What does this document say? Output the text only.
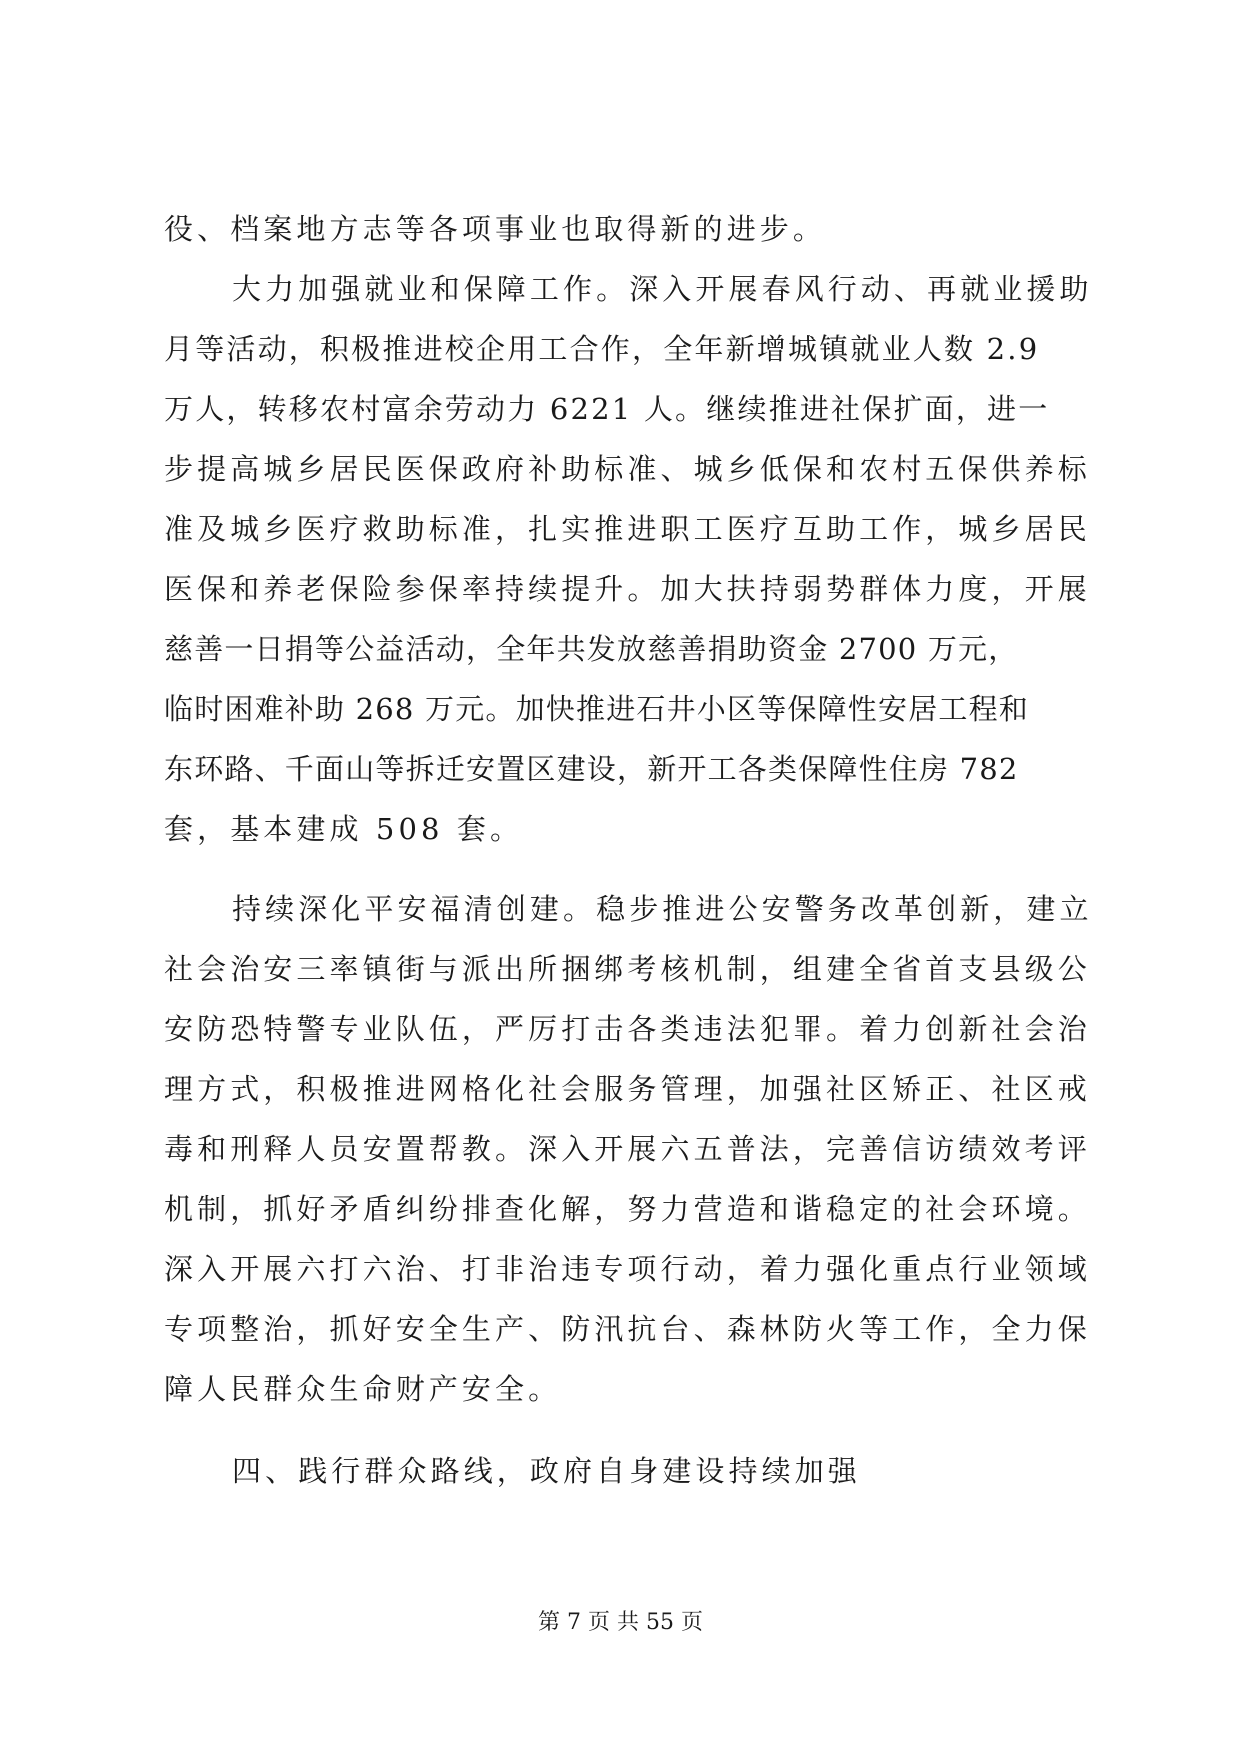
役、档案地方志等各项事业也取得新的进步。
大力加强就业和保障工作。深入开展春风行动、再就业援助
月等活动，积极推进校企用工合作，全年新增城镇就业人数 2.9
万人，转移农村富余劳动力 6221 人。继续推进社保扩面，进一
步提高城乡居民医保政府补助标准、城乡低保和农村五保供养标
准及城乡医疗救助标准，扎实推进职工医疗互助工作，城乡居民
医保和养老保险参保率持续提升。加大扶持弱势群体力度，开展
慈善一日捐等公益活动，全年共发放慈善捐助资金 2700 万元，
临时困难补助 268 万元。加快推进石井小区等保障性安居工程和
东环路、千面山等拆迁安置区建设，新开工各类保障性住房 782
套，基本建成 508 套。
持续深化平安福清创建。稳步推进公安警务改革创新，建立
社会治安三率镇街与派出所捆绑考核机制，组建全省首支县级公
安防恐特警专业队伍，严厉打击各类违法犯罪。着力创新社会治
理方式，积极推进网格化社会服务管理，加强社区矫正、社区戒
毒和刑释人员安置帮教。深入开展六五普法，完善信访绩效考评
机制，抓好矛盾纠纷排查化解，努力营造和谐稳定的社会环境。
深入开展六打六治、打非治违专项行动，着力强化重点行业领域
专项整治，抓好安全生产、防汛抗台、森林防火等工作，全力保
障人民群众生命财产安全。
四、践行群众路线，政府自身建设持续加强
第 7 页 共 55 页
